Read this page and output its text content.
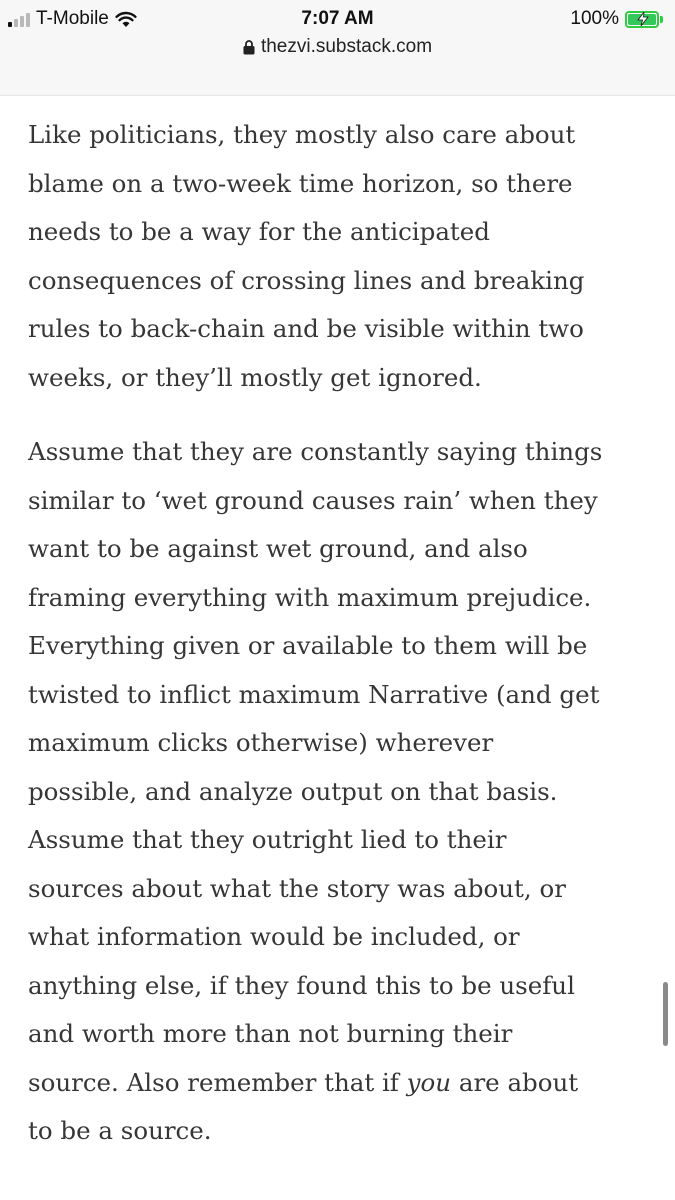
T-Mobile	7:07 AM	100%
thezvi.substack.com

Like politicians, they mostly also care about
blame on a two-week time horizon, so there
needs to be a way for the anticipated
consequences of crossing lines and breaking
rules to back-chain and be visible within two
weeks, or they’ll mostly get ignored.

Assume that they are constantly saying things
similar to ‘wet ground causes rain’ when they
want to be against wet ground, and also
framing everything with maximum prejudice.
Everything given or available to them will be
twisted to inflict maximum Narrative (and get
maximum clicks otherwise) wherever
possible, and analyze output on that basis.
Assume that they outright lied to their
sources about what the story was about, or
what information would be included, or
anything else, if they found this to be useful
and worth more than not burning their
source. Also remember that if you are about
to be a source.
